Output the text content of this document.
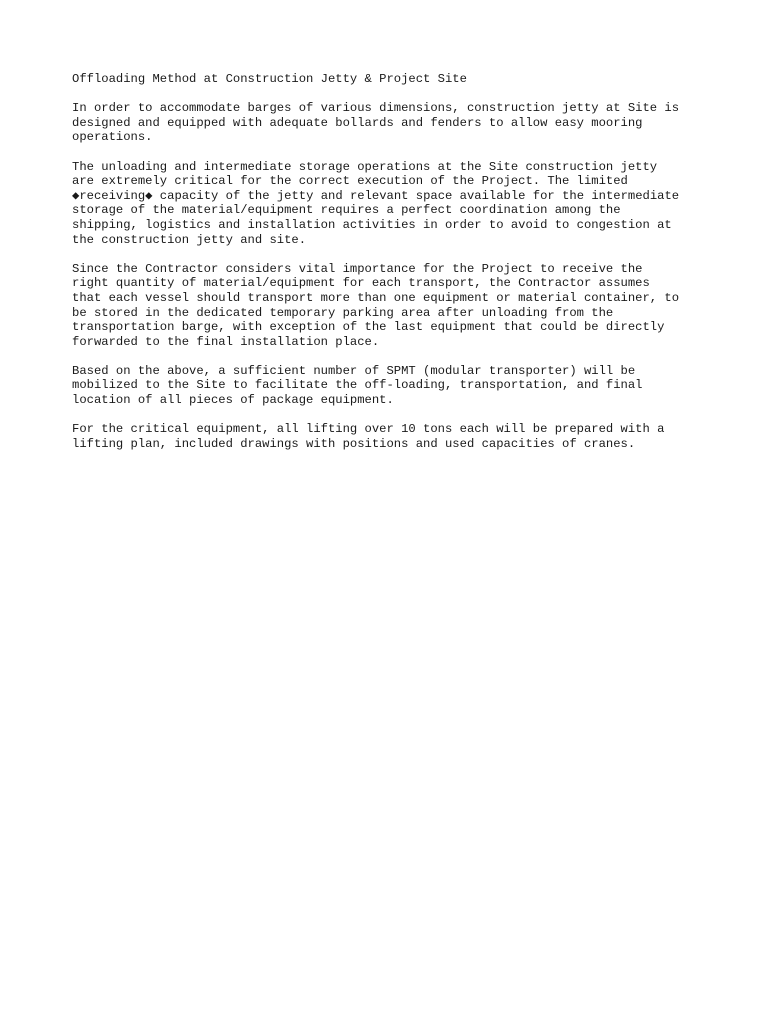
Offloading Method at Construction Jetty & Project Site
In order to accommodate barges of various dimensions, construction jetty at Site is
designed and equipped with adequate bollards and fenders to allow easy mooring
operations.
The unloading and intermediate storage operations at the Site construction jetty
are extremely critical for the correct execution of the Project. The limited
◆receiving◆ capacity of the jetty and relevant space available for the intermediate
storage of the material/equipment requires a perfect coordination among the
shipping, logistics and installation activities in order to avoid to congestion at
the construction jetty and site.
Since the Contractor considers vital importance for the Project to receive the
right quantity of material/equipment for each transport, the Contractor assumes
that each vessel should transport more than one equipment or material container, to
be stored in the dedicated temporary parking area after unloading from the
transportation barge, with exception of the last equipment that could be directly
forwarded to the final installation place.
Based on the above, a sufficient number of SPMT (modular transporter) will be
mobilized to the Site to facilitate the off-loading, transportation, and final
location of all pieces of package equipment.
For the critical equipment, all lifting over 10 tons each will be prepared with a
lifting plan, included drawings with positions and used capacities of cranes.
